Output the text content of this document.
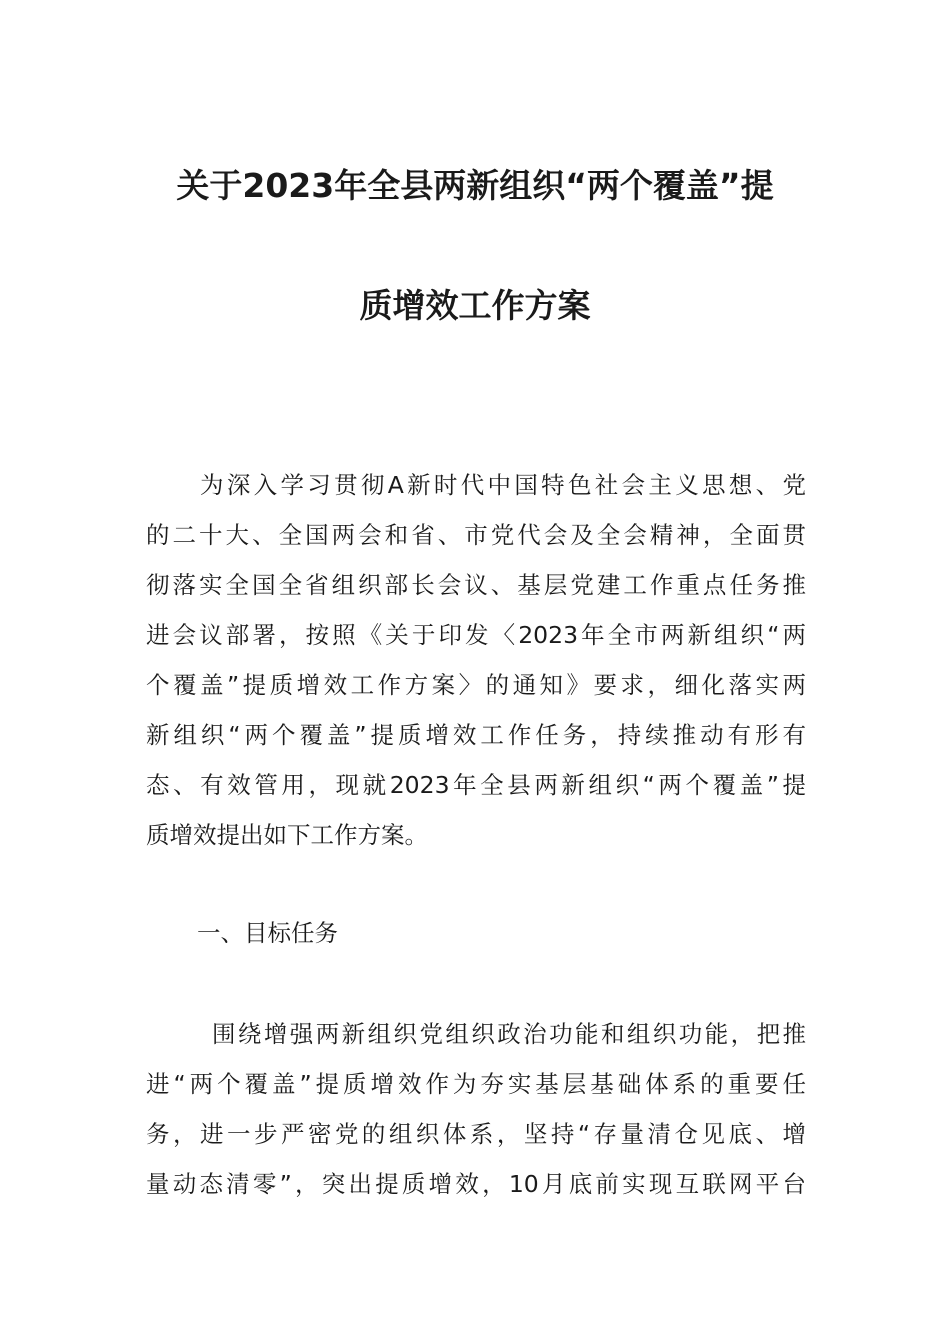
关于2023年全县两新组织“两个覆盖”提
质增效工作方案
为深入学习贯彻A新时代中国特色社会主义思想、党
的二十大、全国两会和省、市党代会及全会精神，全面贯
彻落实全国全省组织部长会议、基层党建工作重点任务推
进会议部署，按照《关于印发〈2023年全市两新组织“两
个覆盖”提质增效工作方案〉的通知》要求，细化落实两
新组织“两个覆盖”提质增效工作任务，持续推动有形有
态、有效管用，现就2023年全县两新组织“两个覆盖”提
质增效提出如下工作方案。
一、目标任务
围绕增强两新组织党组织政治功能和组织功能，把推
进“两个覆盖”提质增效作为夯实基层基础体系的重要任
务，进一步严密党的组织体系，坚持“存量清仓见底、增
量动态清零”，突出提质增效，10月底前实现互联网平台
